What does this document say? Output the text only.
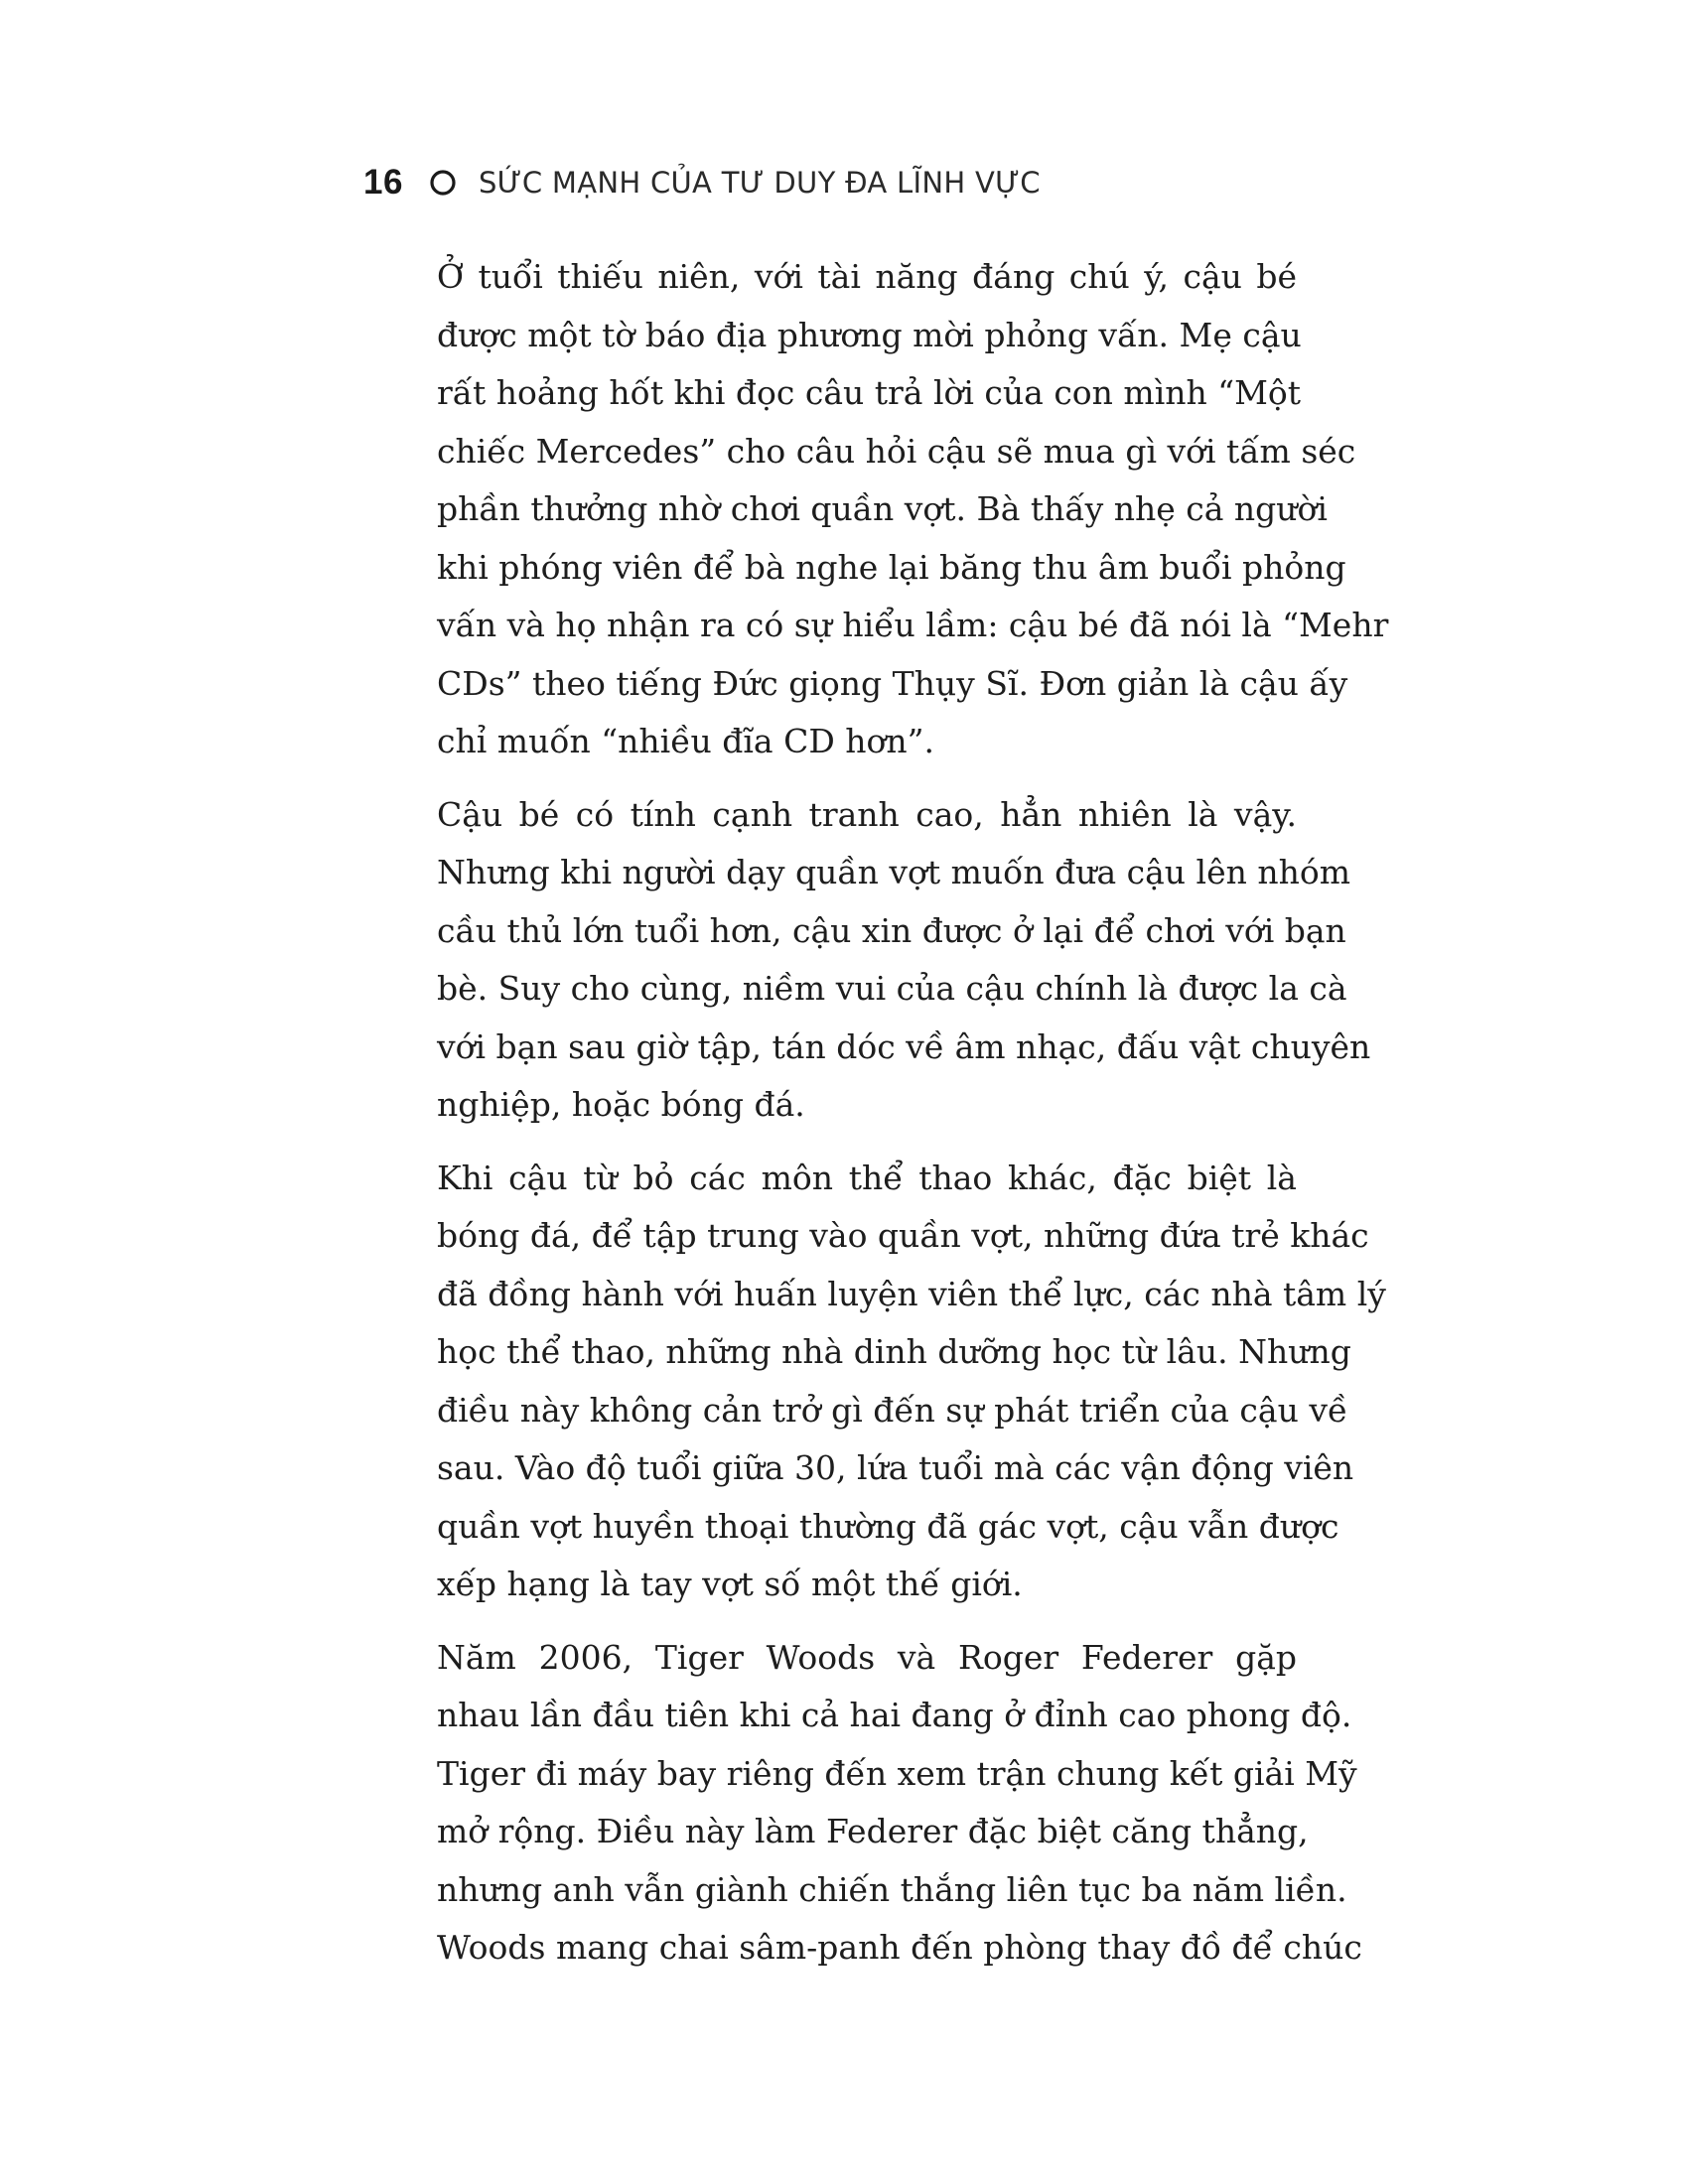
16	SỨC MẠNH CỦA TƯ DUY ĐA LĨNH VỰC

Ở tuổi thiếu niên, với tài năng đáng chú ý, cậu bé
được một tờ báo địa phương mời phỏng vấn. Mẹ cậu
rất hoảng hốt khi đọc câu trả lời của con mình “Một
chiếc Mercedes” cho câu hỏi cậu sẽ mua gì với tấm séc
phần thưởng nhờ chơi quần vợt. Bà thấy nhẹ cả người
khi phóng viên để bà nghe lại băng thu âm buổi phỏng
vấn và họ nhận ra có sự hiểu lầm: cậu bé đã nói là “Mehr
CDs” theo tiếng Đức giọng Thụy Sĩ. Đơn giản là cậu ấy
chỉ muốn “nhiều đĩa CD hơn”.

Cậu bé có tính cạnh tranh cao, hẳn nhiên là vậy.
Nhưng khi người dạy quần vợt muốn đưa cậu lên nhóm
cầu thủ lớn tuổi hơn, cậu xin được ở lại để chơi với bạn
bè. Suy cho cùng, niềm vui của cậu chính là được la cà
với bạn sau giờ tập, tán dóc về âm nhạc, đấu vật chuyên
nghiệp, hoặc bóng đá.

Khi cậu từ bỏ các môn thể thao khác, đặc biệt là
bóng đá, để tập trung vào quần vợt, những đứa trẻ khác
đã đồng hành với huấn luyện viên thể lực, các nhà tâm lý
học thể thao, những nhà dinh dưỡng học từ lâu. Nhưng
điều này không cản trở gì đến sự phát triển của cậu về
sau. Vào độ tuổi giữa 30, lứa tuổi mà các vận động viên
quần vợt huyền thoại thường đã gác vợt, cậu vẫn được
xếp hạng là tay vợt số một thế giới.

Năm 2006, Tiger Woods và Roger Federer gặp
nhau lần đầu tiên khi cả hai đang ở đỉnh cao phong độ.
Tiger đi máy bay riêng đến xem trận chung kết giải Mỹ
mở rộng. Điều này làm Federer đặc biệt căng thẳng,
nhưng anh vẫn giành chiến thắng liên tục ba năm liền.
Woods mang chai sâm-panh đến phòng thay đồ để chúc
